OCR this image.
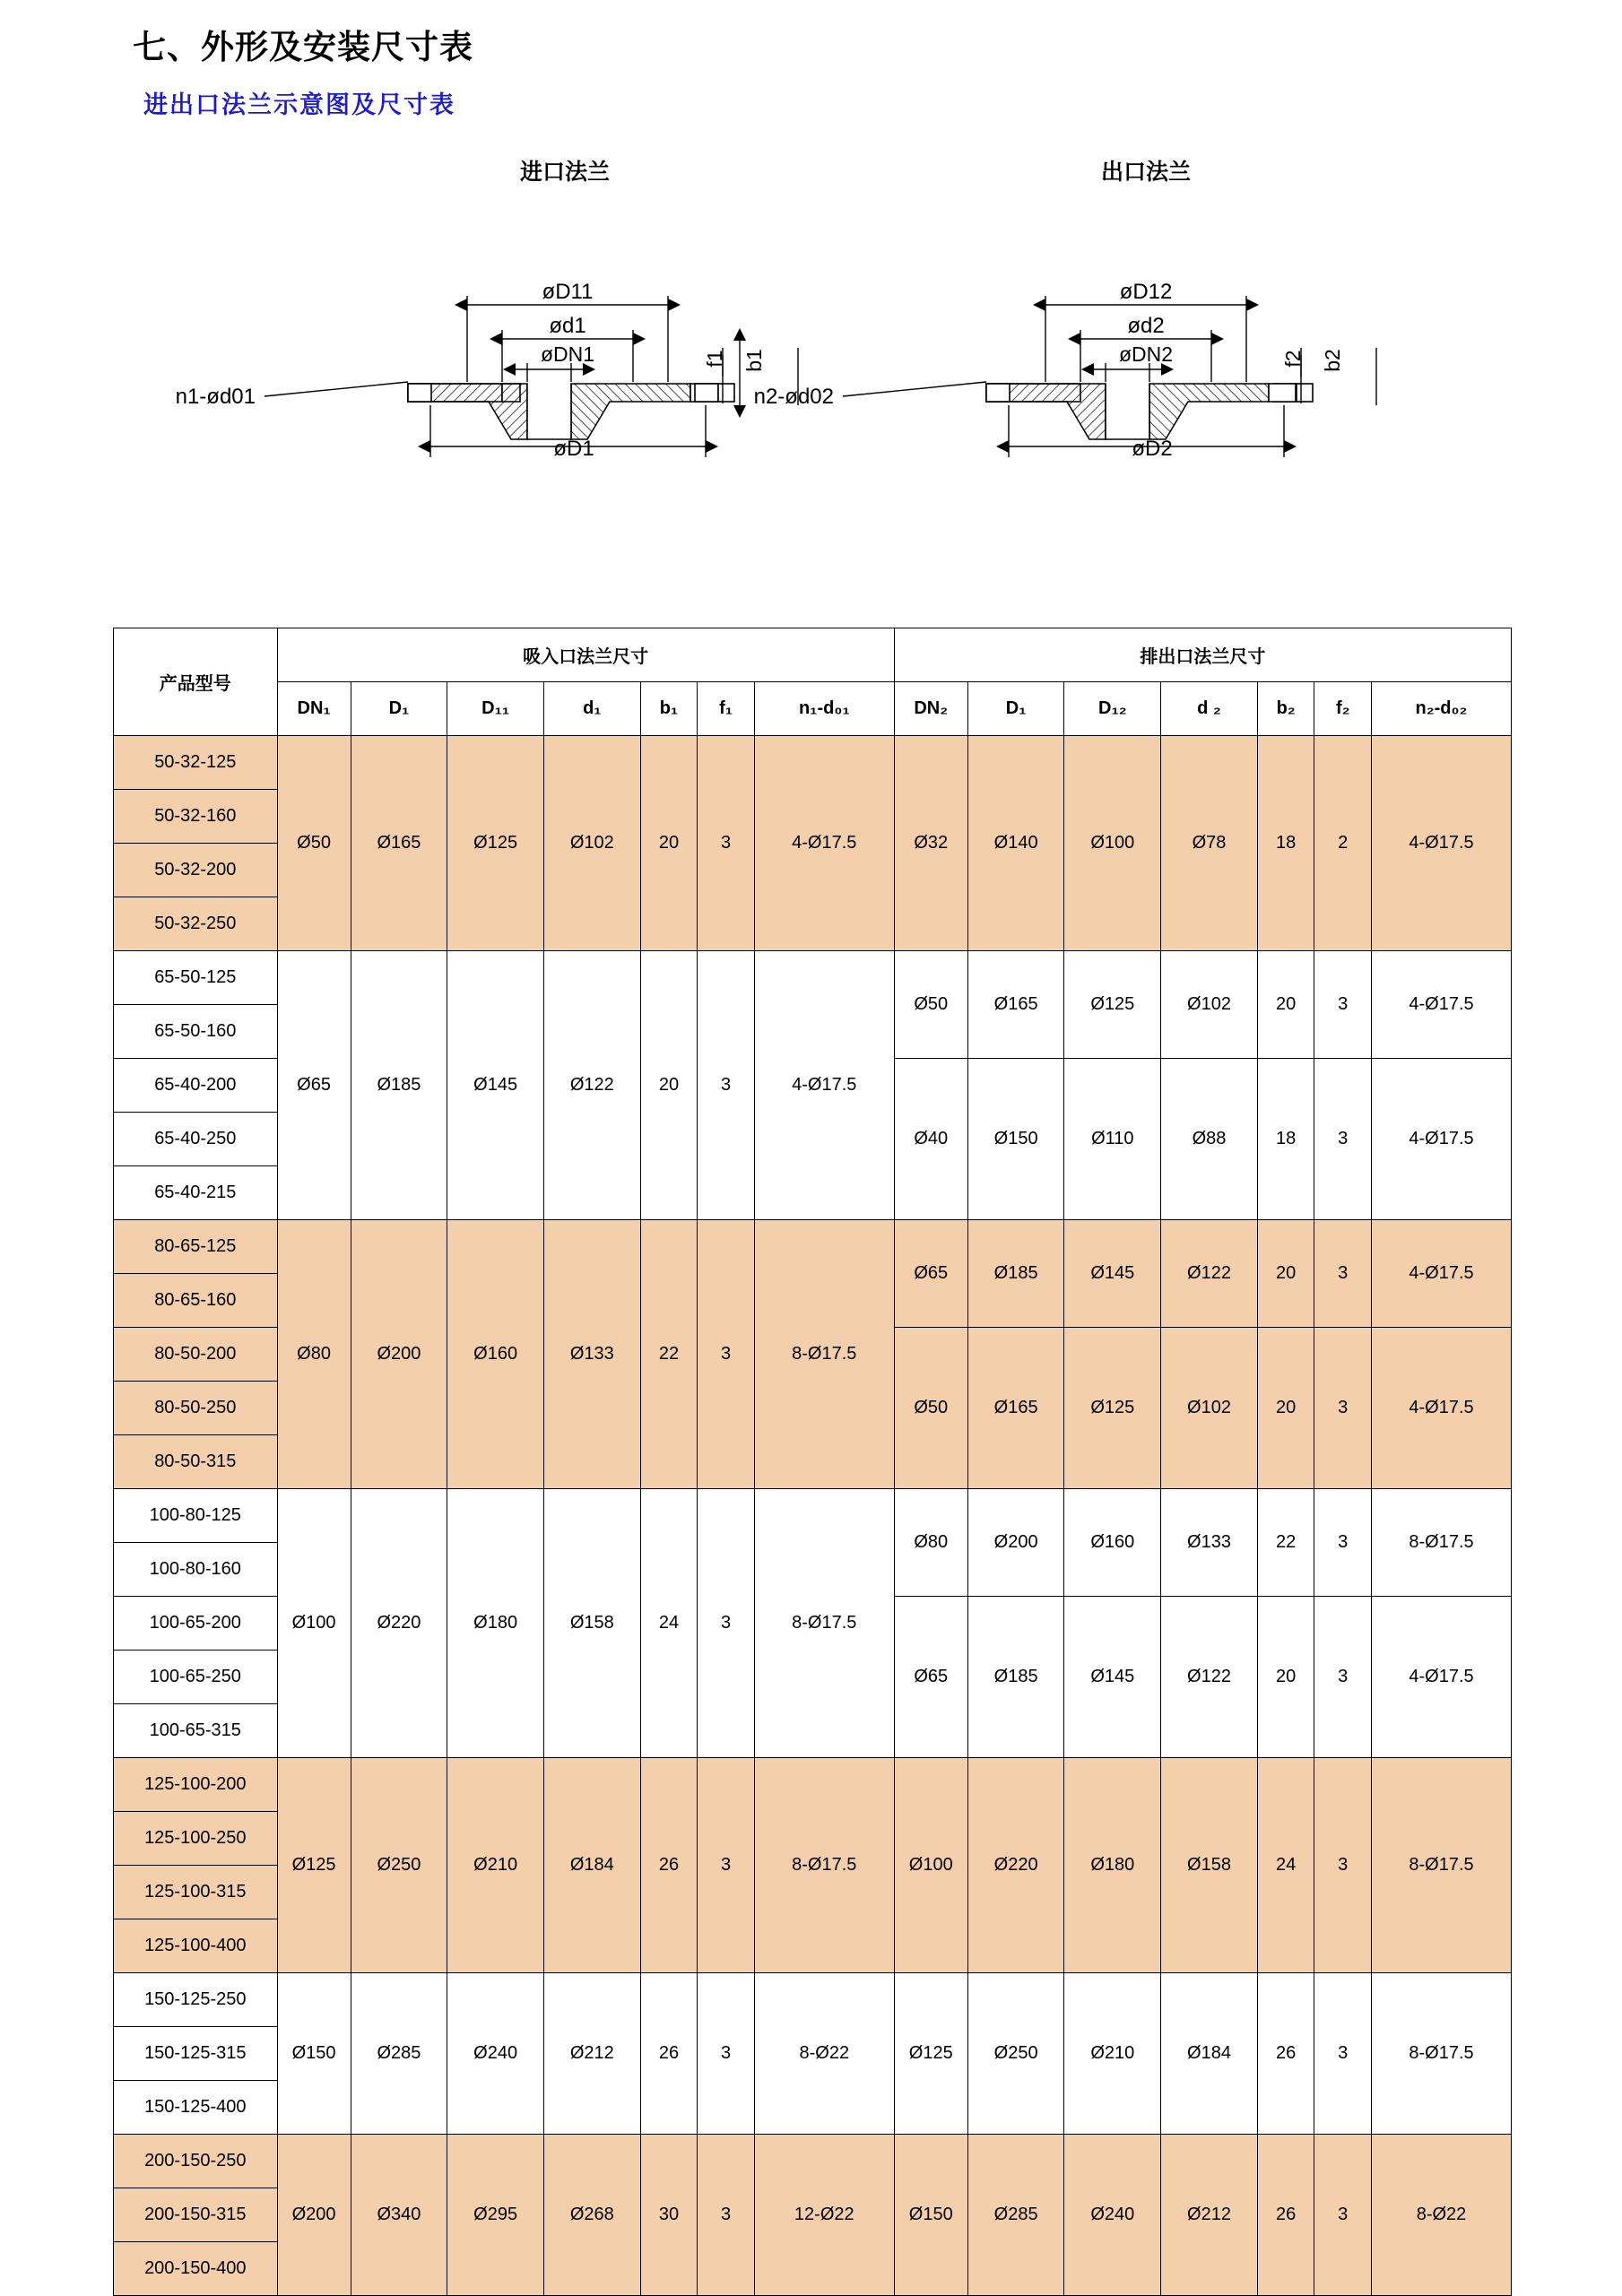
七、外形及安装尺寸表
进出口法兰示意图及尺寸表
进口法兰	出口法兰
øD11
ød1
øDN1	f1 b1
n1-ød01
øD1
øD12
ød2
øDN2	f2 b2
n2-ød02
øD2
产品型号	吸入口法兰尺寸							排出口法兰尺寸						
	DN₁	D₁	D₁₁	d₁	b₁	f₁	n₁-d₀₁	DN₂	D₁	D₁₂	d ₂	b₂	f₂	n₂-d₀₂
50-32-125	Ø50	Ø165	Ø125	Ø102	20	3	4-Ø17.5	Ø32	Ø140	Ø100	Ø78	18	2	4-Ø17.5
50-32-160														
50-32-200														
50-32-250														
65-50-125	Ø65	Ø185	Ø145	Ø122	20	3	4-Ø17.5	Ø50	Ø165	Ø125	Ø102	20	3	4-Ø17.5
65-50-160														
65-40-200								Ø40	Ø150	Ø110	Ø88	18	3	4-Ø17.5
65-40-250														
65-40-215														
80-65-125	Ø80	Ø200	Ø160	Ø133	22	3	8-Ø17.5	Ø65	Ø185	Ø145	Ø122	20	3	4-Ø17.5
80-65-160														
80-50-200								Ø50	Ø165	Ø125	Ø102	20	3	4-Ø17.5
80-50-250														
80-50-315														
100-80-125	Ø100	Ø220	Ø180	Ø158	24	3	8-Ø17.5	Ø80	Ø200	Ø160	Ø133	22	3	8-Ø17.5
100-80-160														
100-65-200								Ø65	Ø185	Ø145	Ø122	20	3	4-Ø17.5
100-65-250														
100-65-315														
125-100-200	Ø125	Ø250	Ø210	Ø184	26	3	8-Ø17.5	Ø100	Ø220	Ø180	Ø158	24	3	8-Ø17.5
125-100-250														
125-100-315														
125-100-400														
150-125-250	Ø150	Ø285	Ø240	Ø212	26	3	8-Ø22	Ø125	Ø250	Ø210	Ø184	26	3	8-Ø17.5
150-125-315														
150-125-400														
200-150-250	Ø200	Ø340	Ø295	Ø268	30	3	12-Ø22	Ø150	Ø285	Ø240	Ø212	26	3	8-Ø22
200-150-315														
200-150-400														
